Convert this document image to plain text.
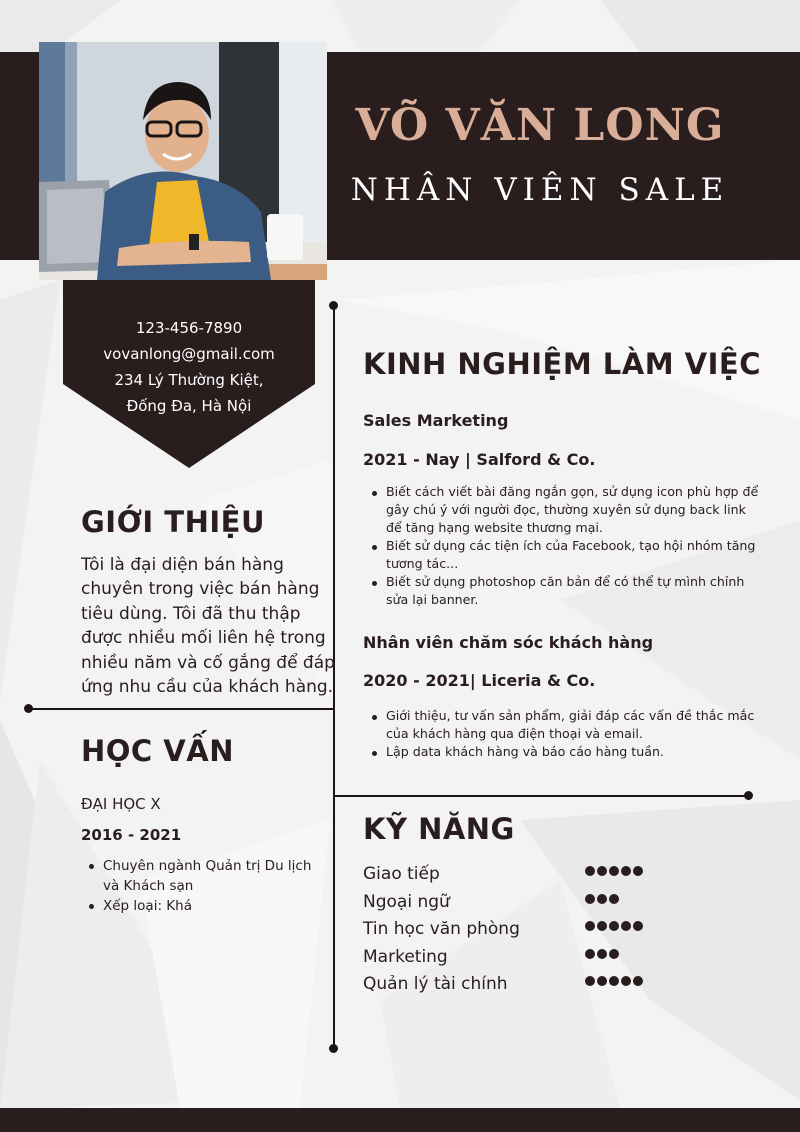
VÕ VĂN LONG
NHÂN VIÊN SALE
123-456-7890
vovanlong@gmail.com
234 Lý Thường Kiệt,
Đống Đa, Hà Nội
GIỚI THIỆU
Tôi là đại diện bán hàng
chuyên trong việc bán hàng
tiêu dùng. Tôi đã thu thập
được nhiều mối liên hệ trong
nhiều năm và cố gắng để đáp
ứng nhu cầu của khách hàng.
HỌC VẤN
ĐẠI HỌC X
2016 - 2021
Chuyên ngành Quản trị Du lịch và Khách sạn
Xếp loại: Khá
KINH NGHIỆM LÀM VIỆC
Sales Marketing
2021 - Nay | Salford & Co.
Biết cách viết bài đăng ngắn gọn, sử dụng icon phù hợp để gây chú ý với người đọc, thường xuyên sử dụng back link để tăng hạng website thương mại.
Biết sử dụng các tiện ích của Facebook, tạo hội nhóm tăng tương tác...
Biết sử dụng photoshop căn bản để có thể tự mình chỉnh sửa lại banner.
Nhân viên chăm sóc khách hàng
2020 - 2021| Liceria & Co.
Giới thiệu, tư vấn sản phẩm, giải đáp các vấn đề thắc mắc của khách hàng qua điện thoại và email.
Lập data khách hàng và báo cáo hàng tuần.
KỸ NĂNG
Giao tiếp
Ngoại ngữ
Tin học văn phòng
Marketing
Quản lý tài chính
